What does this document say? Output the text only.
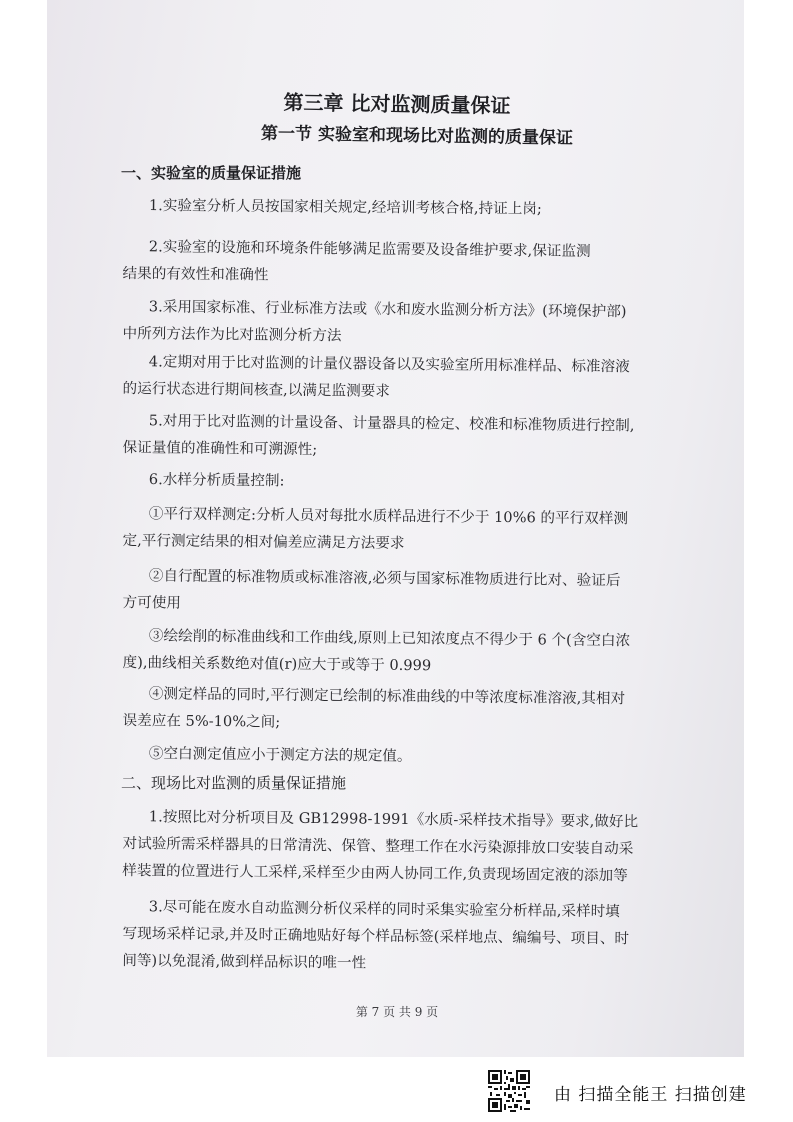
第三章 比对监测质量保证
第一节 实验室和现场比对监测的质量保证
一、实验室的质量保证措施
1.实验室分析人员按国家相关规定,经培训考核合格,持证上岗;
2.实验室的设施和环境条件能够满足监需要及设备维护要求,保证监测
结果的有效性和准确性
3.采用国家标准、行业标准方法或《水和废水监测分析方法》(环境保护部)
中所列方法作为比对监测分析方法
4.定期对用于比对监测的计量仪器设备以及实验室所用标准样品、标准溶液
的运行状态进行期间核查,以满足监测要求
5.对用于比对监测的计量设备、计量器具的检定、校准和标准物质进行控制,
保证量值的准确性和可溯源性;
6.水样分析质量控制:
①平行双样测定:分析人员对每批水质样品进行不少于 10%6 的平行双样测
定,平行测定结果的相对偏差应满足方法要求
②自行配置的标准物质或标准溶液,必须与国家标准物质进行比对、验证后
方可使用
③绘绘削的标准曲线和工作曲线,原则上已知浓度点不得少于 6 个(含空白浓
度),曲线相关系数绝对值(r)应大于或等于 0.999
④测定样品的同时,平行测定已绘制的标准曲线的中等浓度标准溶液,其相对
误差应在 5%-10%之间;
⑤空白测定值应小于测定方法的规定值。
二、现场比对监测的质量保证措施
1.按照比对分析项目及 GB12998-1991《水质-采样技术指导》要求,做好比
对试验所需采样器具的日常清洗、保管、整理工作在水污染源排放口安装自动采
样装置的位置进行人工采样,采样至少由两人协同工作,负责现场固定液的添加等
3.尽可能在废水自动监测分析仪采样的同时采集实验室分析样品,采样时填
写现场采样记录,并及时正确地贴好每个样品标签(采样地点、编编号、项目、时
间等)以免混淆,做到样品标识的唯一性
第 7 页 共 9 页
由 扫描全能王 扫描创建
